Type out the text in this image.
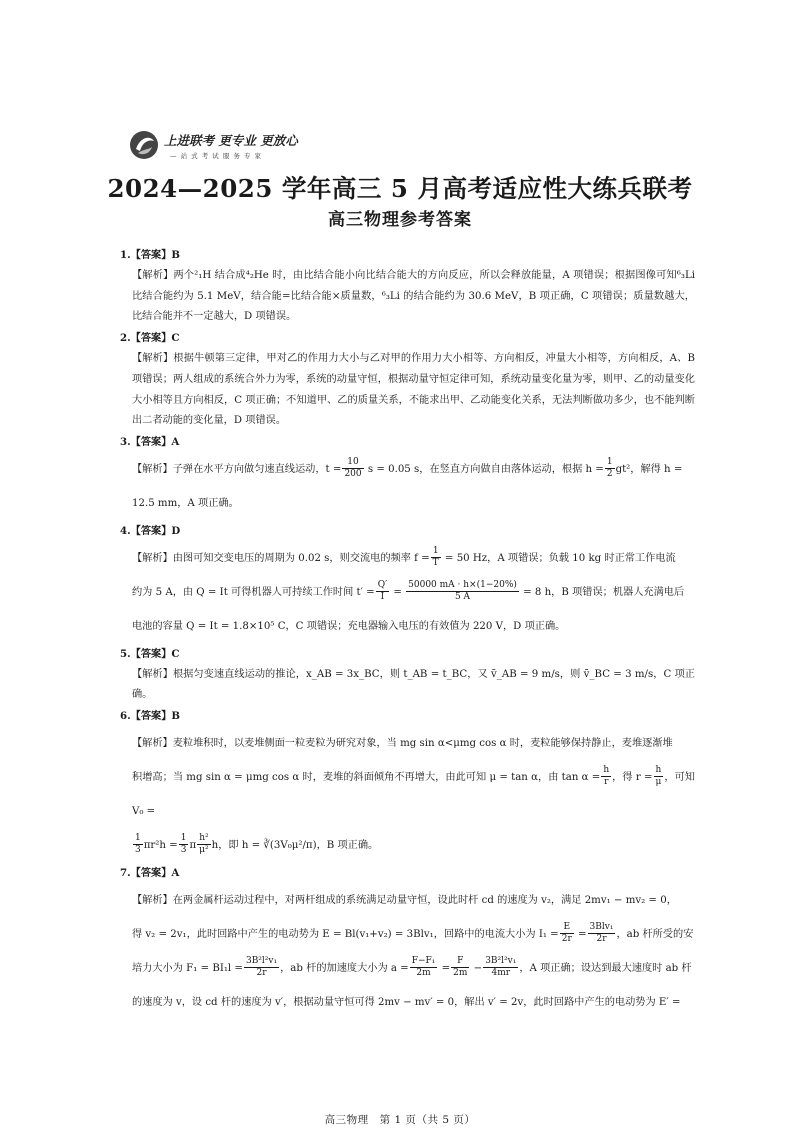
上进联考 更专业 更放心
— 站 式 考 试 服 务 专 家
2024—2025 学年高三 5 月高考适应性大练兵联考
高三物理参考答案

1.【答案】B

【解析】两个²₁H 结合成⁴₂He 时，由比结合能小向比结合能大的方向反应，所以会释放能量，A 项错误；根据图像可知⁶₃Li 比结合能约为 5.1 MeV，结合能=比结合能×质量数，⁶₃Li 的结合能约为 30.6 MeV，B 项正确，C 项错误；质量数越大，比结合能并不一定越大，D 项错误。

2.【答案】C

【解析】根据牛顿第三定律，甲对乙的作用力大小与乙对甲的作用力大小相等、方向相反，冲量大小相等，方向相反，A、B 项错误；两人组成的系统合外力为零，系统的动量守恒，根据动量守恒定律可知，系统动量变化量为零，则甲、乙的动量变化大小相等且方向相反，C 项正确；不知道甲、乙的质量关系，不能求出甲、乙动能变化关系，无法判断做功多少，也不能判断出二者动能的变化量，D 项错误。

3.【答案】A

【解析】子弹在水平方向做匀速直线运动，$t = \frac{10}{200}$ s = 0.05 s，在竖直方向做自由落体运动，根据 $h = \frac{1}{2} gt^2$，解得 h =
12.5 mm，A 项正确。

4.【答案】D

【解析】由图可知交变电压的周期为 0.02 s，则交流电的频率 $f = \frac{1}{T} = 50$ Hz，A 项错误；负载 10 kg 时正常工作电流
约为 5 A，由 Q = It 可得机器人可持续工作时间 $t' = \frac{Q'}{I} = \frac{50000 mA \cdot h\times(1-20\%)}{5 A} = 8$ h，B 项错误；机器人充满电后
电池的容量 Q = It = 1.8×10⁵ C，C 项错误；充电器输入电压的有效值为 220 V，D 项正确。

5.【答案】C

【解析】根据匀变速直线运动的推论，x_AB = 3x_BC，则 t_AB = t_BC，又 v̄_AB = 9 m/s，则 v̄_BC = 3 m/s，C 项正确。

6.【答案】B

【解析】麦粒堆积时，以麦堆侧面一粒麦粒为研究对象，当 mg sin α<μmg cos α 时，麦粒能够保持静止，麦堆逐渐堆
积增高；当 mg sin α = μmg cos α 时，麦堆的斜面倾角不再增大，由此可知 μ = tan α，由 $\tan \alpha = \frac{h}{r}$ ，得 $r = \frac{h}{\mu}$ ，可知 V₀ =

$\frac{1}{3} \pi r^2h = \frac{1}{3}$ π $\frac{\text{h²}}{\text{μ²}}$ h，即 h = ∛(3V₀μ²/π)，B 项正确。

7.【答案】A

【解析】在两金属杆运动过程中，对两杆组成的系统满足动量守恒，设此时杆 cd 的速度为 v₂，满足 2mv₁ − mv₂ = 0，
得 v₂ = 2v₁，此时回路中产生的电动势为 E = Bl(v₁+v₂) = 3Blv₁，回路中的电流大小为 $I_1 = \frac{E}{2r} = \frac{\text{3Blv₁}}{2r}$ ，ab 杆所受的安
培力大小为 $F_1 = BI_1l = \frac{\text{3B²l²v₁}}{2r}$ ，ab 杆的加速度大小为 $a = \frac{\text{F−F₁}}{2m} = \frac{F}{2m} - \frac{\text{3B²l²v₁}}{4mr}$ ，A 项正确；设达到最大速度时 ab 杆
的速度为 v，设 cd 杆的速度为 v′，根据动量守恒可得 2mv − mv′ = 0，解出 v′ = 2v，此时回路中产生的电动势为 E′ =

高三物理　第 1 页（共 5 页）
